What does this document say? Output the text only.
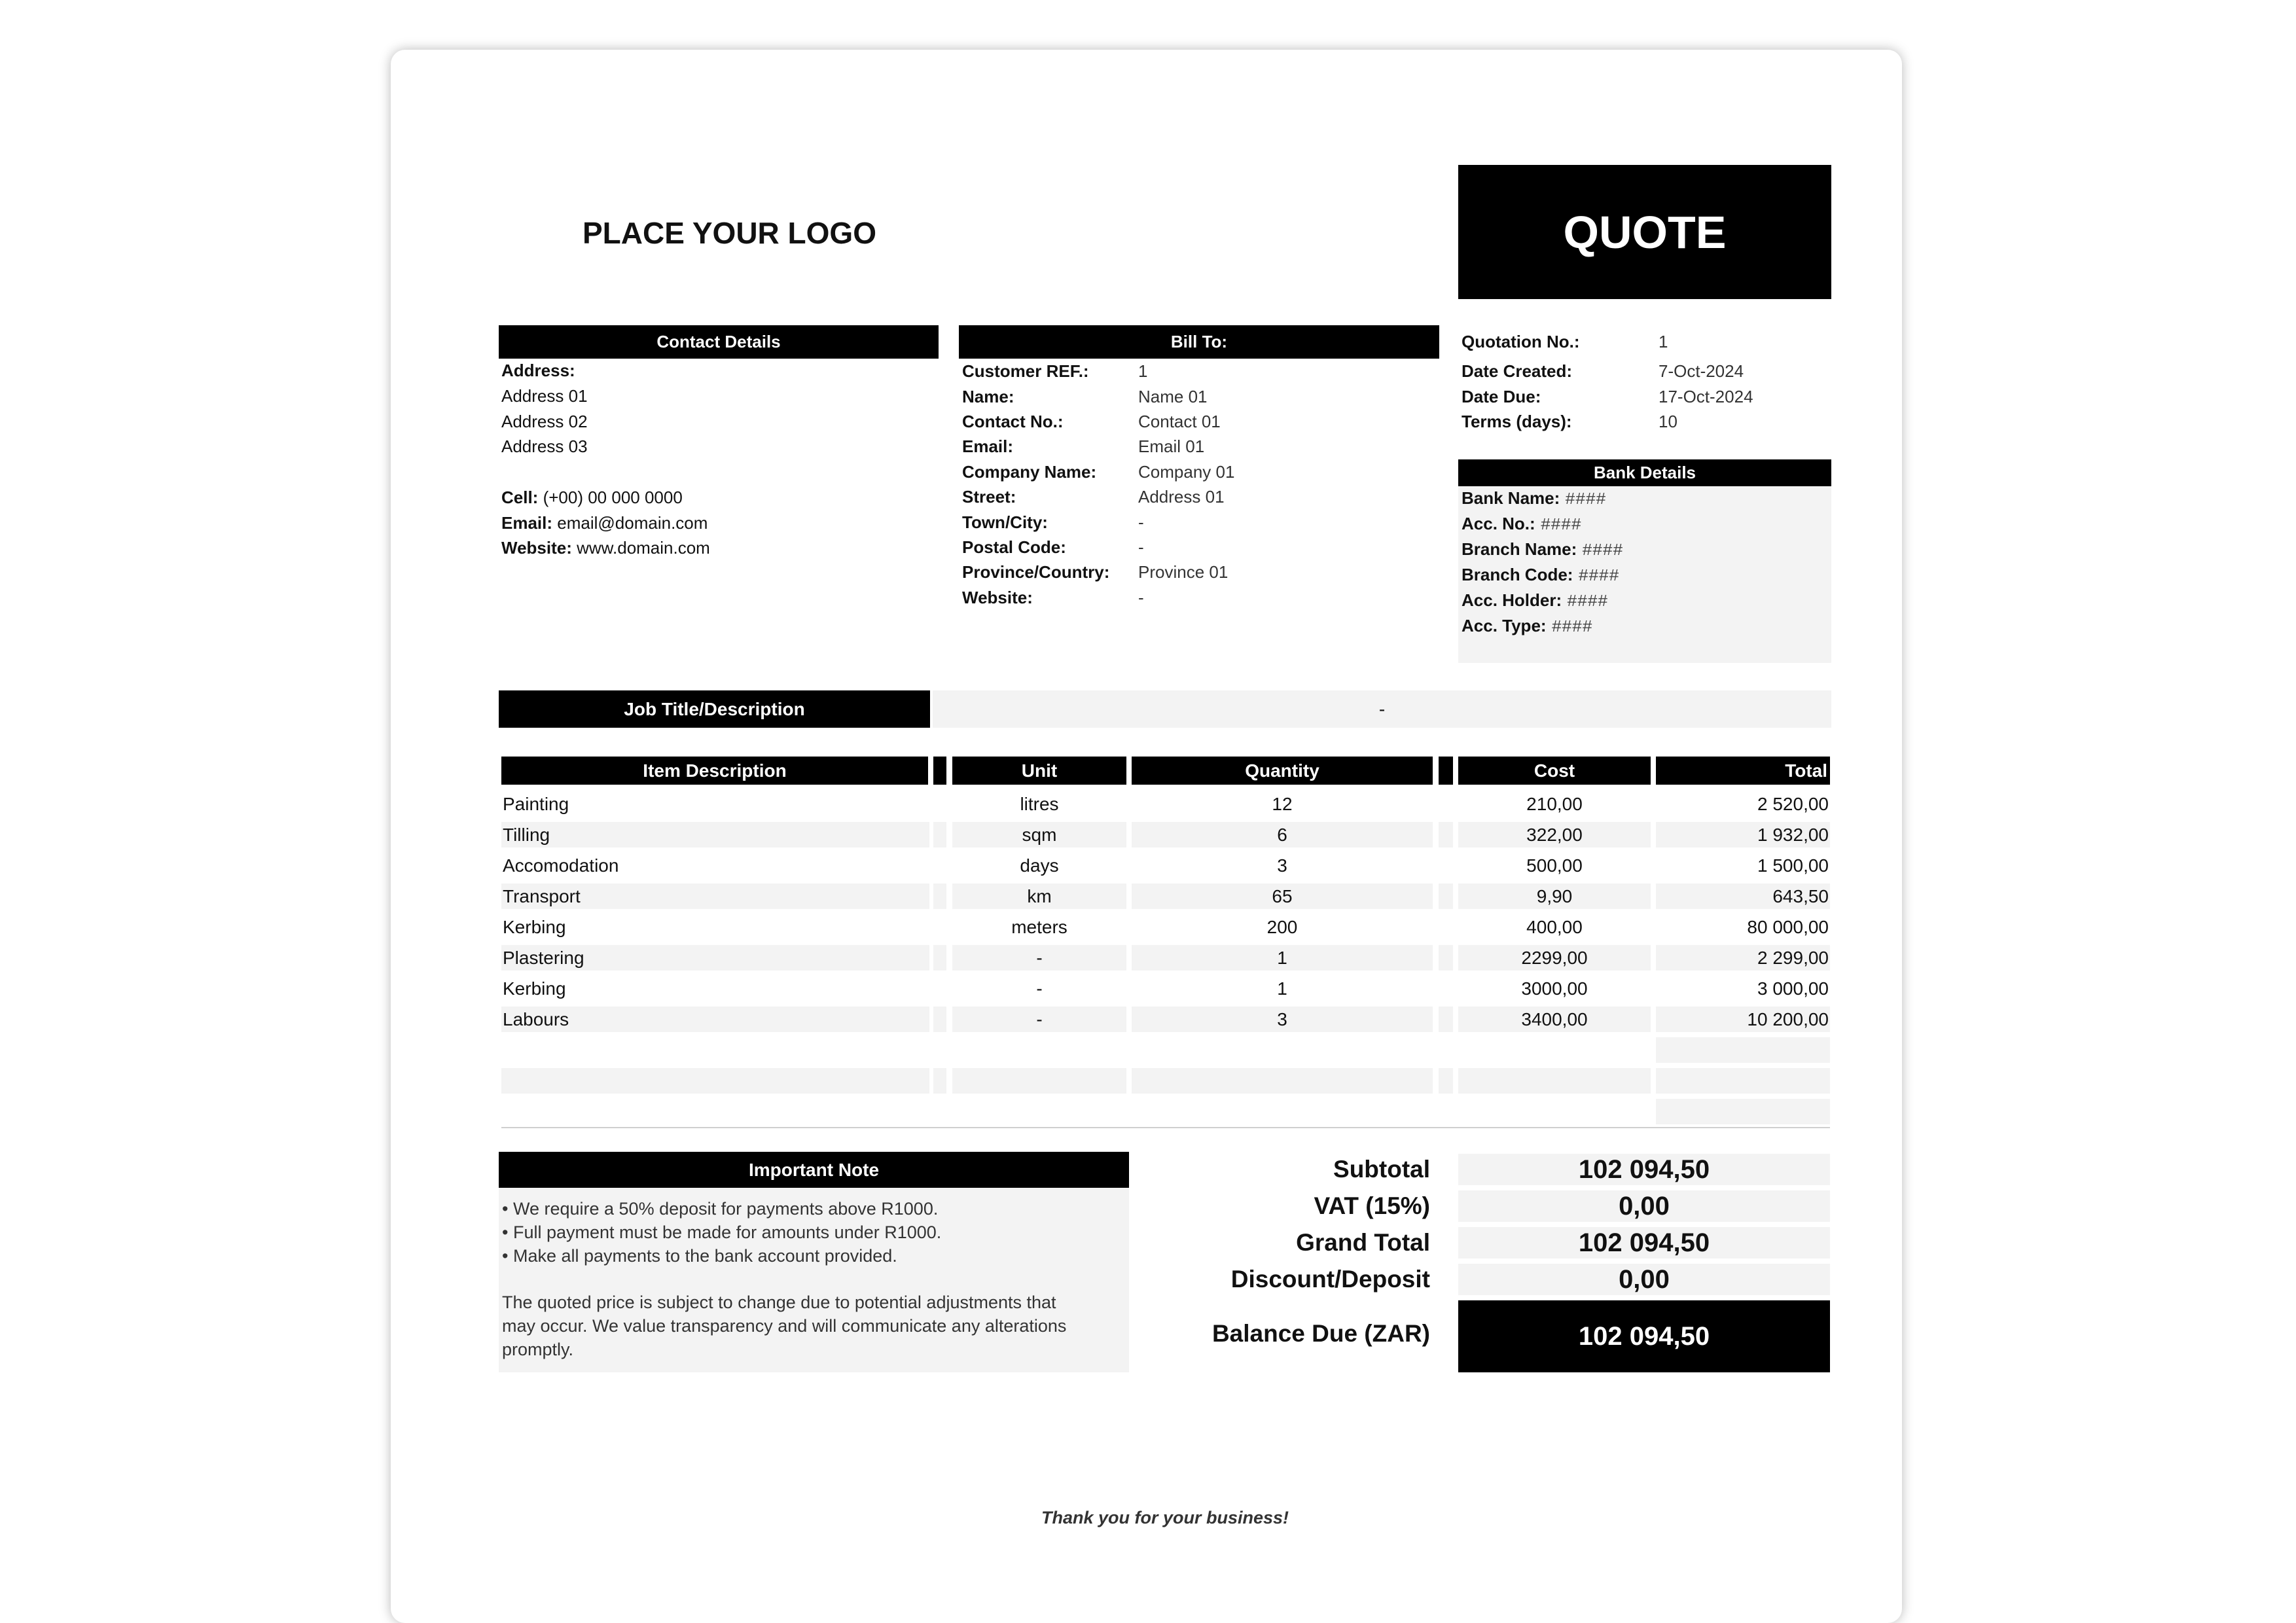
PLACE YOUR LOGO	QUOTE
Contact Details
Address:
Address 01
Address 02
Address 03
Cell: (+00) 00 000 0000
Email: email@domain.com
Website: www.domain.com
Bill To:
Customer REF.:	1
Name:	Name 01
Contact No.:	Contact 01
Email:	Email 01
Company Name: Company 01
Street:	Address 01
Town/City:	-
Postal Code:	-
Province/Country: Province 01
Website:	-
Quotation No.:	1
Date Created:	7-Oct-2024
Date Due:	17-Oct-2024
Terms (days):	10
Bank Details
Bank Name: ####
Acc. No.: ####
Branch Name: ####
Branch Code: ####
Acc. Holder: ####
Acc. Type: ####
Job Title/Description	-
Item Description	Unit	Quantity	Cost	Total
Painting	litres	12	210,00	2 520,00
Tilling	sqm	6	322,00	1 932,00
Accomodation	days	3	500,00	1 500,00
Transport	km	65	9,90	643,50
Kerbing	meters	200	400,00	80 000,00
Plastering	-	1	2299,00	2 299,00
Kerbing	-	1	3000,00	3 000,00
Labours	-	3	3400,00	10 200,00
Important Note
• We require a 50% deposit for payments above R1000.
• Full payment must be made for amounts under R1000.
• Make all payments to the bank account provided.
The quoted price is subject to change due to potential adjustments that
may occur. We value transparency and will communicate any alterations
promptly.
Subtotal	102 094,50
VAT (15%)	0,00
Grand Total	102 094,50
Discount/Deposit	0,00
Balance Due (ZAR)	102 094,50
Thank you for your business!
